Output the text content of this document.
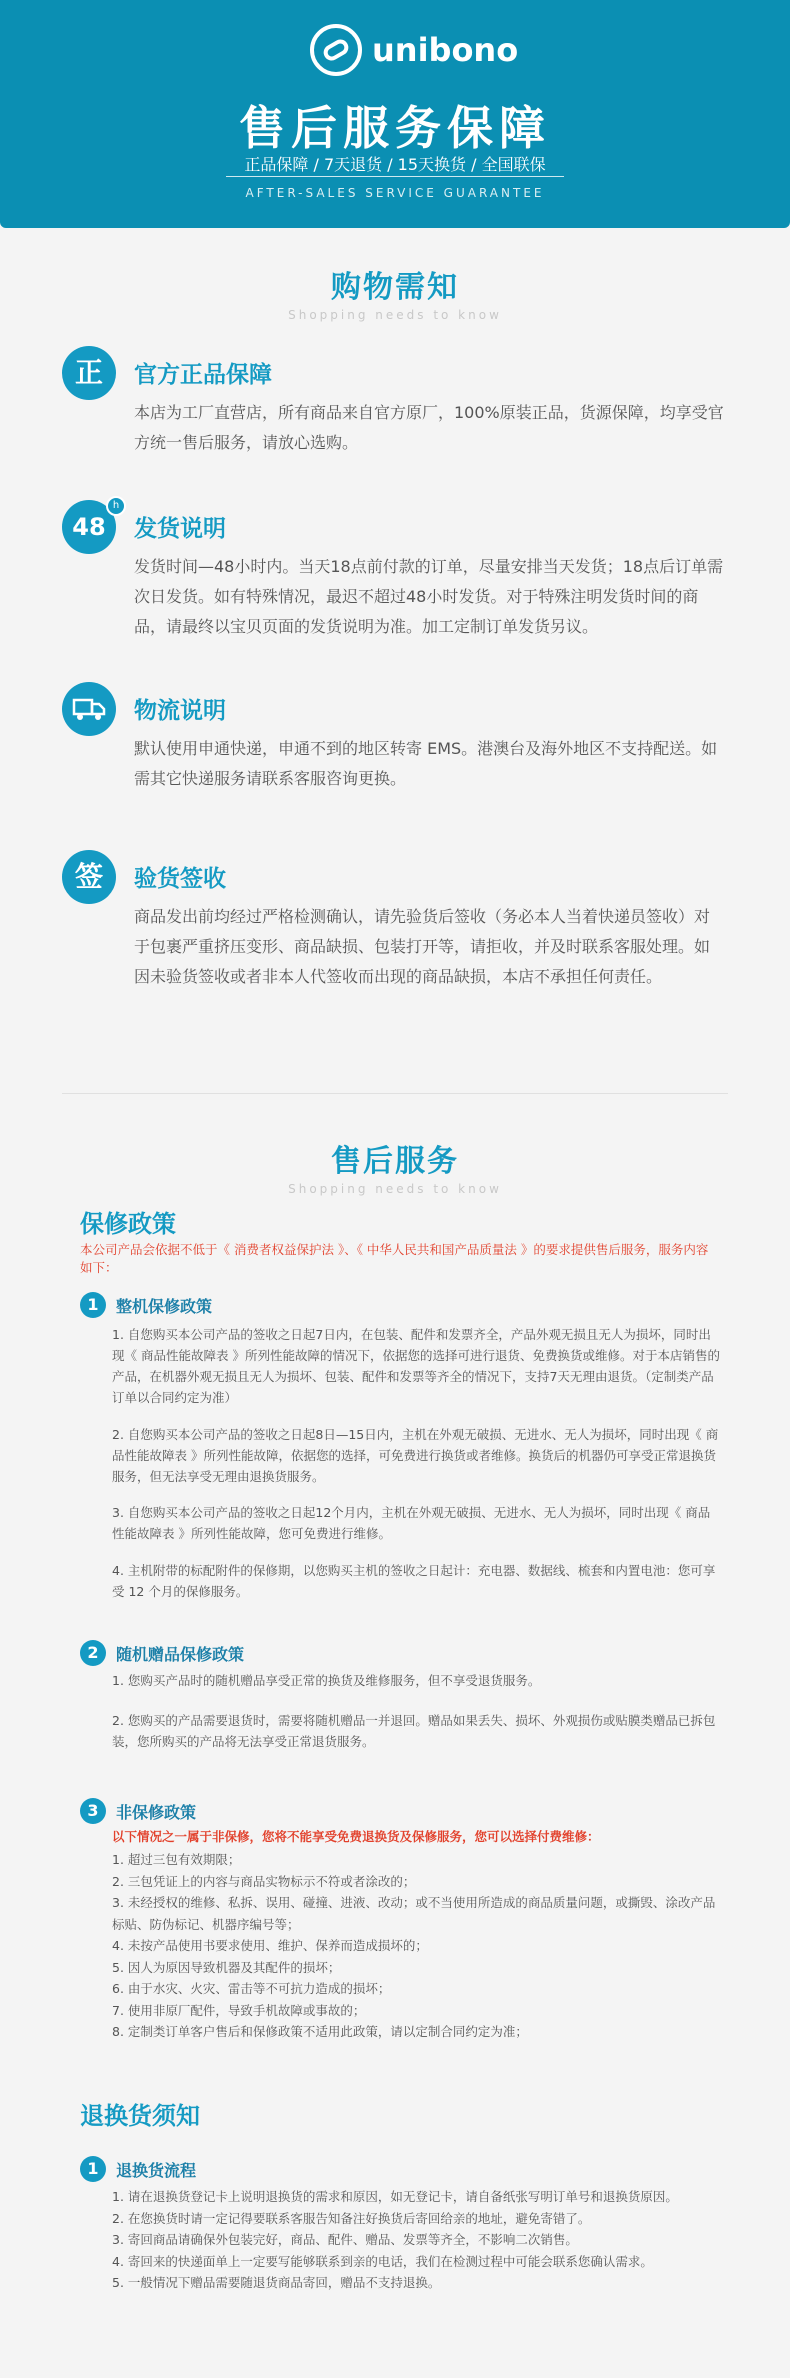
unibono
售后服务保障
正品保障 / 7天退货 / 15天换货 / 全国联保
AFTER-SALES SERVICE GUARANTEE
购物需知
Shopping needs to know
正	官方正品保障
本店为工厂直营店，所有商品来自官方原厂，100%原装正品，货源保障，均享受官方统一售后服务，请放心选购。
48
h
发货说明
发货时间—48小时内。当天18点前付款的订单，尽量安排当天发货；18点后订单需次日发货。如有特殊情况，最迟不超过48小时发货。对于特殊注明发货时间的商品，请最终以宝贝页面的发货说明为准。加工定制订单发货另议。
物流说明
默认使用申通快递，申通不到的地区转寄 EMS。港澳台及海外地区不支持配送。如需其它快递服务请联系客服咨询更换。
签	验货签收
商品发出前均经过严格检测确认，请先验货后签收（务必本人当着快递员签收）对于包裹严重挤压变形、商品缺损、包装打开等，请拒收，并及时联系客服处理。如因未验货签收或者非本人代签收而出现的商品缺损，本店不承担任何责任。
售后服务
Shopping needs to know
保修政策
本公司产品会依据不低于《 消费者权益保护法 》、《 中华人民共和国产品质量法 》的要求提供售后服务，服务内容如下：
1	整机保修政策
1. 自您购买本公司产品的签收之日起7日内，在包装、配件和发票齐全，产品外观无损且无人为损坏，同时出现《 商品性能故障表 》所列性能故障的情况下，依据您的选择可进行退货、免费换货或维修。对于本店销售的产品，在机器外观无损且无人为损坏、包装、配件和发票等齐全的情况下，支持7天无理由退货。（定制类产品订单以合同约定为准）
2. 自您购买本公司产品的签收之日起8日—15日内，主机在外观无破损、无进水、无人为损坏，同时出现《 商品性能故障表 》所列性能故障，依据您的选择，可免费进行换货或者维修。换货后的机器仍可享受正常退换货服务，但无法享受无理由退换货服务。
3. 自您购买本公司产品的签收之日起12个月内，主机在外观无破损、无进水、无人为损坏，同时出现《 商品性能故障表 》所列性能故障，您可免费进行维修。
4. 主机附带的标配附件的保修期，以您购买主机的签收之日起计：充电器、数据线、梳套和内置电池：您可享受 12 个月的保修服务。
2	随机赠品保修政策
1. 您购买产品时的随机赠品享受正常的换货及维修服务，但不享受退货服务。
2. 您购买的产品需要退货时，需要将随机赠品一并退回。赠品如果丢失、损坏、外观损伤或贴膜类赠品已拆包装，您所购买的产品将无法享受正常退货服务。
3	非保修政策
以下情况之一属于非保修，您将不能享受免费退换货及保修服务，您可以选择付费维修：
1. 超过三包有效期限；
2. 三包凭证上的内容与商品实物标示不符或者涂改的；
3. 未经授权的维修、私拆、误用、碰撞、进液、改动；或不当使用所造成的商品质量问题，或撕毁、涂改产品标贴、防伪标记、机器序编号等；
4. 未按产品使用书要求使用、维护、保养而造成损坏的；
5. 因人为原因导致机器及其配件的损坏；
6. 由于水灾、火灾、雷击等不可抗力造成的损坏；
7. 使用非原厂配件，导致手机故障或事故的；
8. 定制类订单客户售后和保修政策不适用此政策，请以定制合同约定为准；
退换货须知
1	退换货流程
1. 请在退换货登记卡上说明退换货的需求和原因，如无登记卡，请自备纸张写明订单号和退换货原因。
2. 在您换货时请一定记得要联系客服告知备注好换货后寄回给亲的地址，避免寄错了。
3. 寄回商品请确保外包装完好，商品、配件、赠品、发票等齐全，不影响二次销售。
4. 寄回来的快递面单上一定要写能够联系到亲的电话，我们在检测过程中可能会联系您确认需求。
5. 一般情况下赠品需要随退货商品寄回，赠品不支持退换。
